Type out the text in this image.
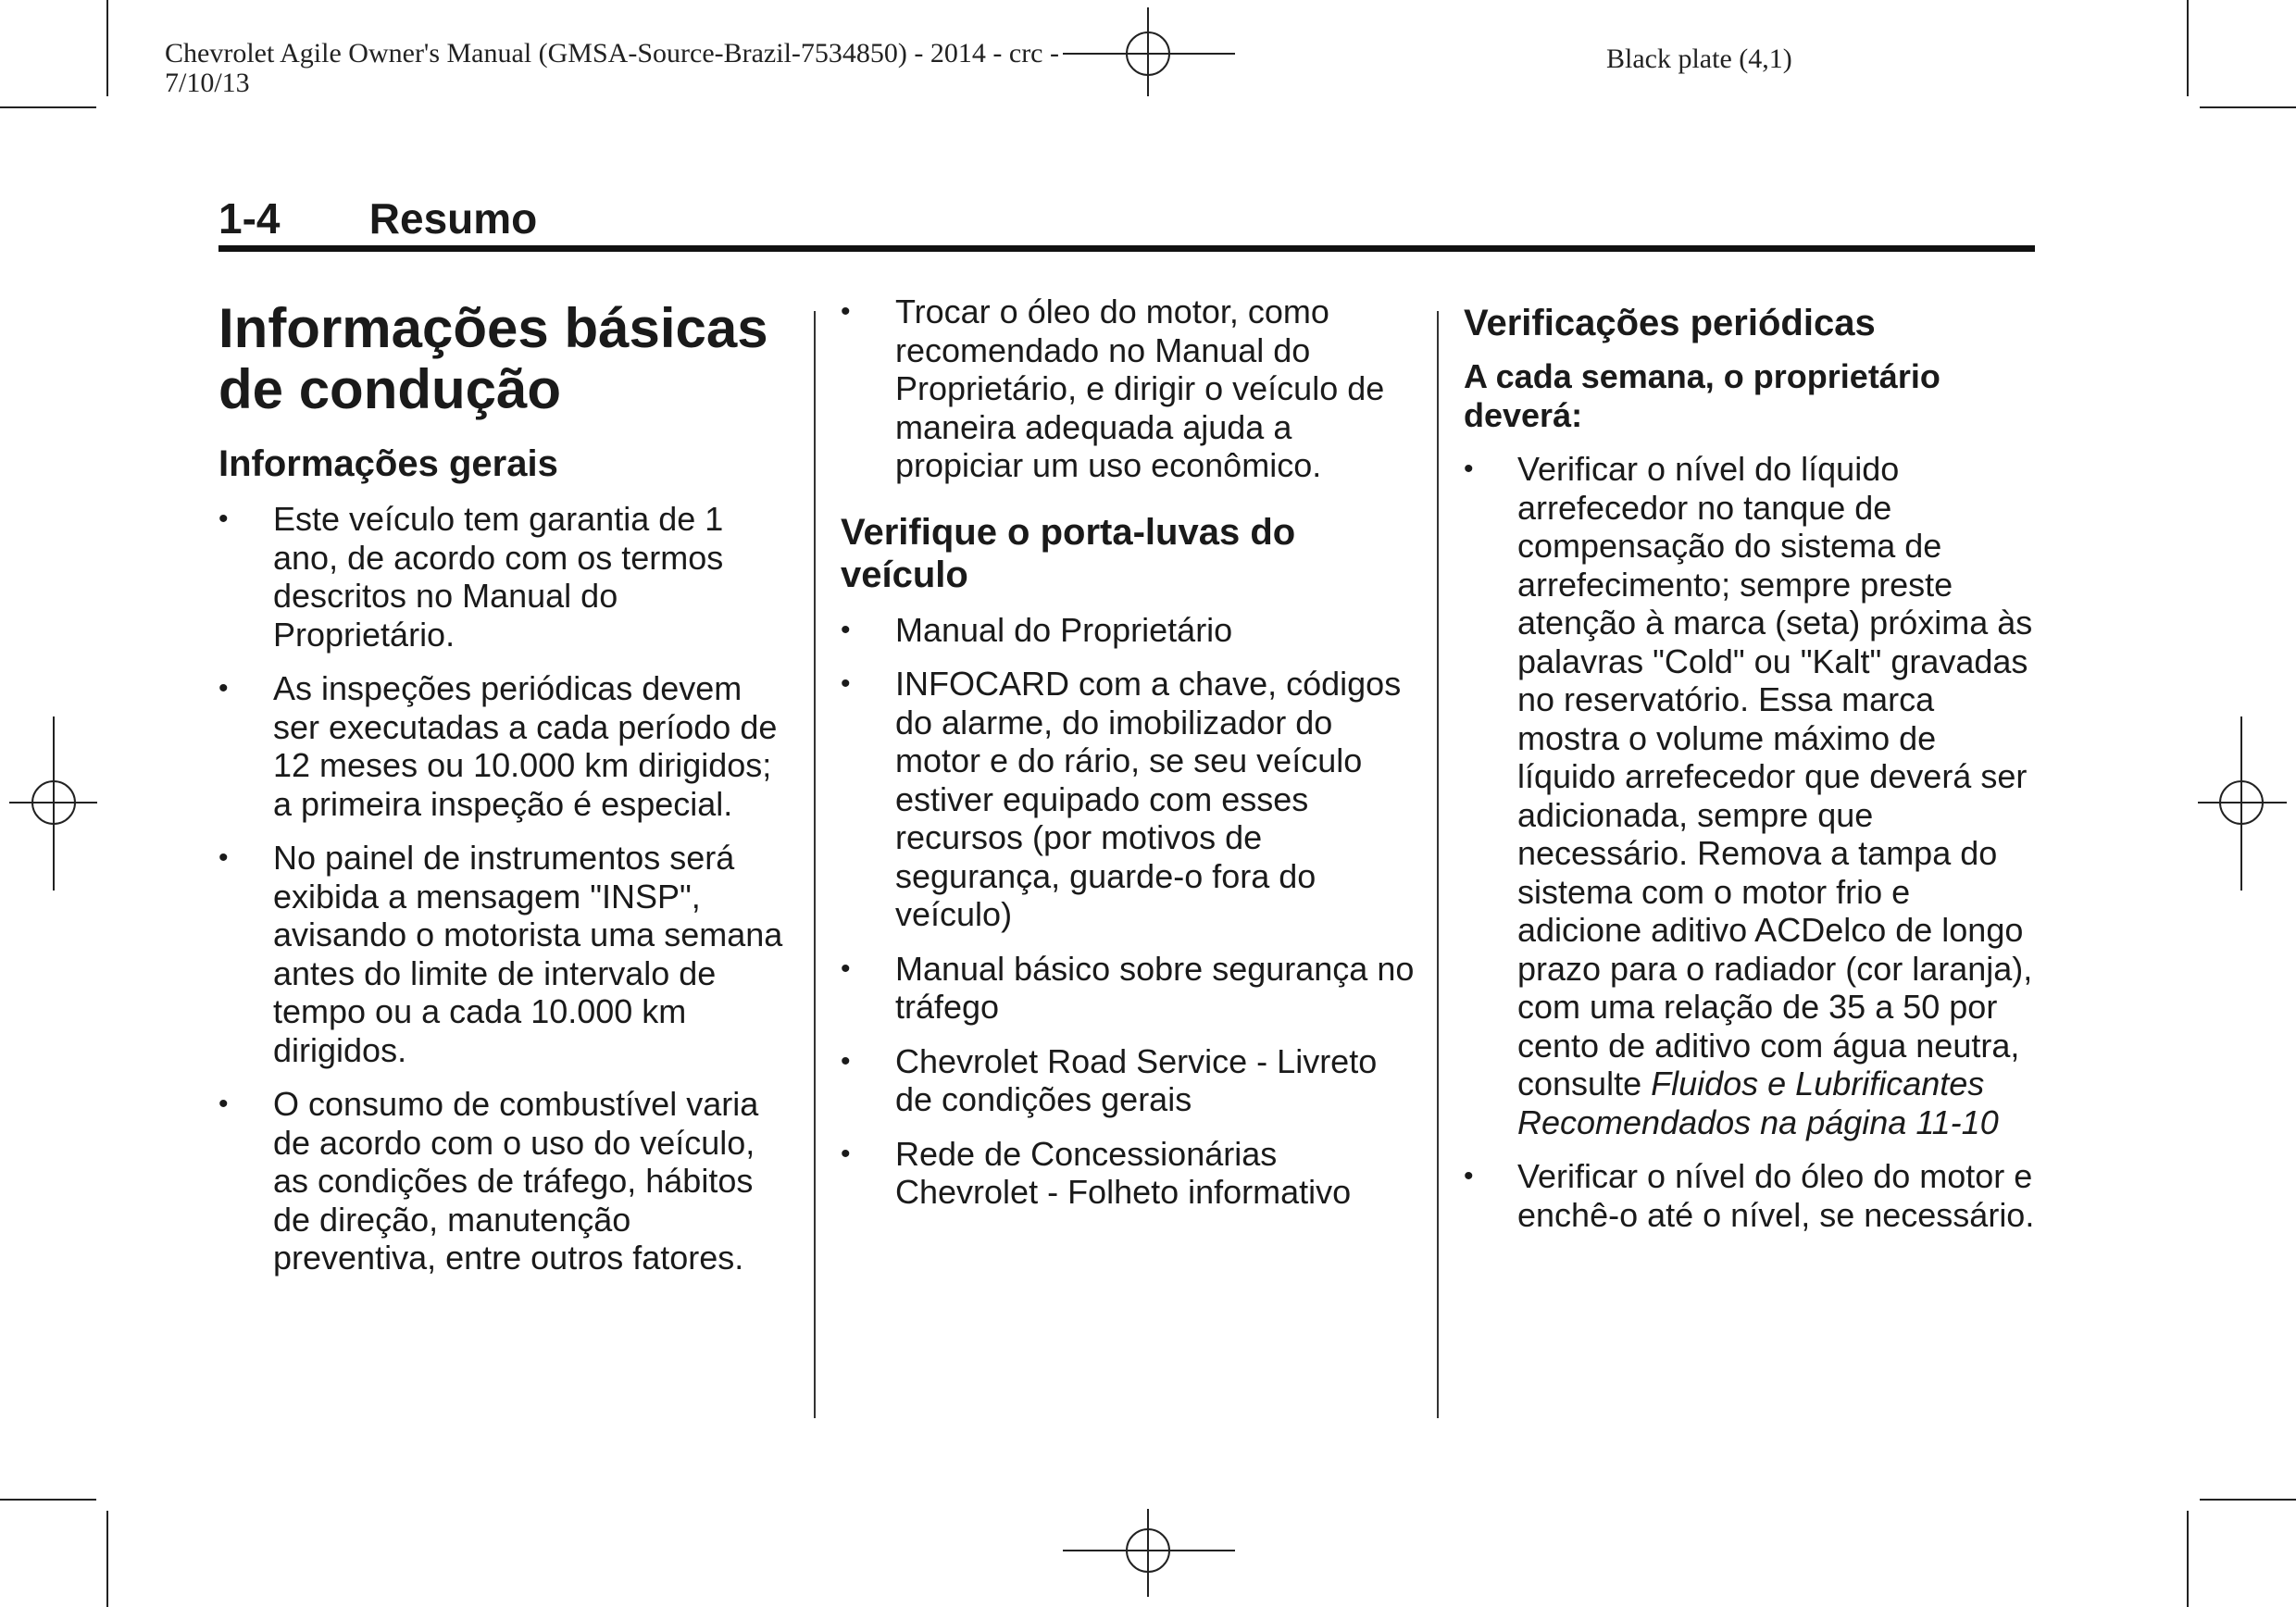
Chevrolet Agile Owner's Manual (GMSA-Source-Brazil-7534850) - 2014 - crc -
7/10/13
Black plate (4,1)
1-4 Resumo
Informações básicas de condução
Informações gerais
• Este veículo tem garantia de 1 ano, de acordo com os termos descritos no Manual do Proprietário.
• As inspeções periódicas devem ser executadas a cada período de 12 meses ou 10.000 km dirigidos; a primeira inspeção é especial.
• No painel de instrumentos será exibida a mensagem "INSP", avisando o motorista uma semana antes do limite de intervalo de tempo ou a cada 10.000 km dirigidos.
• O consumo de combustível varia de acordo com o uso do veículo, as condições de tráfego, hábitos de direção, manutenção preventiva, entre outros fatores.
• Trocar o óleo do motor, como recomendado no Manual do Proprietário, e dirigir o veículo de maneira adequada ajuda a propiciar um uso econômico.
Verifique o porta-luvas do veículo
• Manual do Proprietário
• INFOCARD com a chave, códigos do alarme, do imobilizador do motor e do rário, se seu veículo estiver equipado com esses recursos (por motivos de segurança, guarde-o fora do veículo)
• Manual básico sobre segurança no tráfego
• Chevrolet Road Service - Livreto de condições gerais
• Rede de Concessionárias Chevrolet - Folheto informativo
Verificações periódicas
A cada semana, o proprietário deverá:
• Verificar o nível do líquido arrefecedor no tanque de compensação do sistema de arrefecimento; sempre preste atenção à marca (seta) próxima às palavras "Cold" ou "Kalt" gravadas no reservatório. Essa marca mostra o volume máximo de líquido arrefecedor que deverá ser adicionada, sempre que necessário. Remova a tampa do sistema com o motor frio e adicione aditivo ACDelco de longo prazo para o radiador (cor laranja), com uma relação de 35 a 50 por cento de aditivo com água neutra, consulte Fluidos e Lubrificantes Recomendados na página 11-10
• Verificar o nível do óleo do motor e enchê-o até o nível, se necessário.
